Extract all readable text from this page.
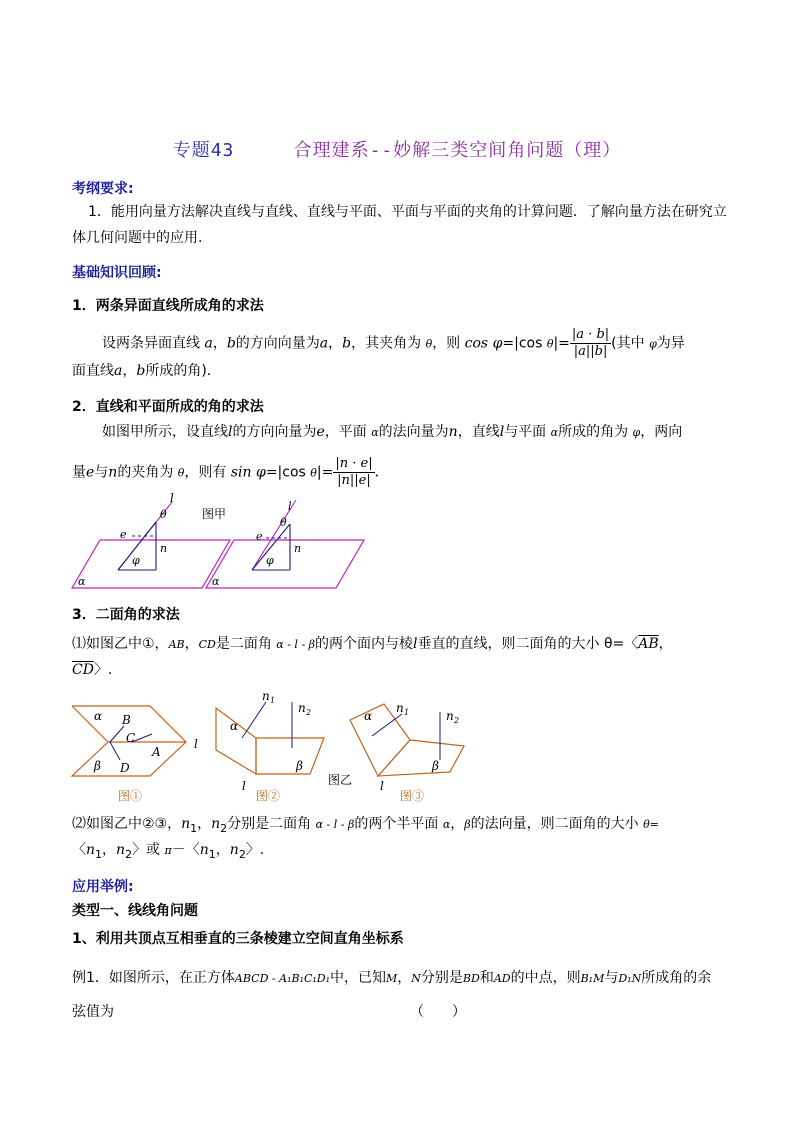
专题43	合理建系--妙解三类空间角问题（理）
考纲要求:
1．能用向量方法解决直线与直线、直线与平面、平面与平面的夹角的计算问题．了解向量方法在研究立
体几何问题中的应用.
基础知识回顾:
1．两条异面直线所成角的求法
设两条异面直线 a，b的方向向量为a，b，其夹角为 θ，则 cos φ=|cos $\theta|= \frac{|a \cdot b|}{|a||b|}$ (其中 φ为异
面直线a，b所成的角)．
2．直线和平面所成的角的求法
如图甲所示，设直线l的方向向量为e，平面 α的法向量为n，直线l与平面 α所成的角为 φ，两向
量e与n的夹角为 θ，则有 sin φ=|cos $\theta|= \frac{|n \cdot e|}{|n||e|}$ ．
l
θ
e
n
φ
α
l
θ
e
n
φ
α
图甲
3．二面角的求法
⑴如图乙中①，AB，CD是二面角 α - l - β的两个面内与棱l垂直的直线，则二面角的大小 θ=〈$\overline{AB}$，
$\overline{CD}$〉.
α B
C
A
β D
l
α
n 1
n 2
β
l
α
n 1	n 2
β
l
图①	图②	图③
图乙
⑵如图乙中②③，$n_1$，$n_2$分别是二面角 α - l - β的两个半平面 α，β的法向量，则二面角的大小 θ=
〈$n_1$，$n_2$〉或 π－〈$n_1$，$n_2$〉.
应用举例:
类型一、线线角问题
1、利用共顶点互相垂直的三条棱建立空间直角坐标系
例1．如图所示，在正方体ABCD - A₁B₁C₁D₁中，已知M，N分别是BD和AD的中点，则B₁M与D₁N所成角的余
弦值为	（　　）
